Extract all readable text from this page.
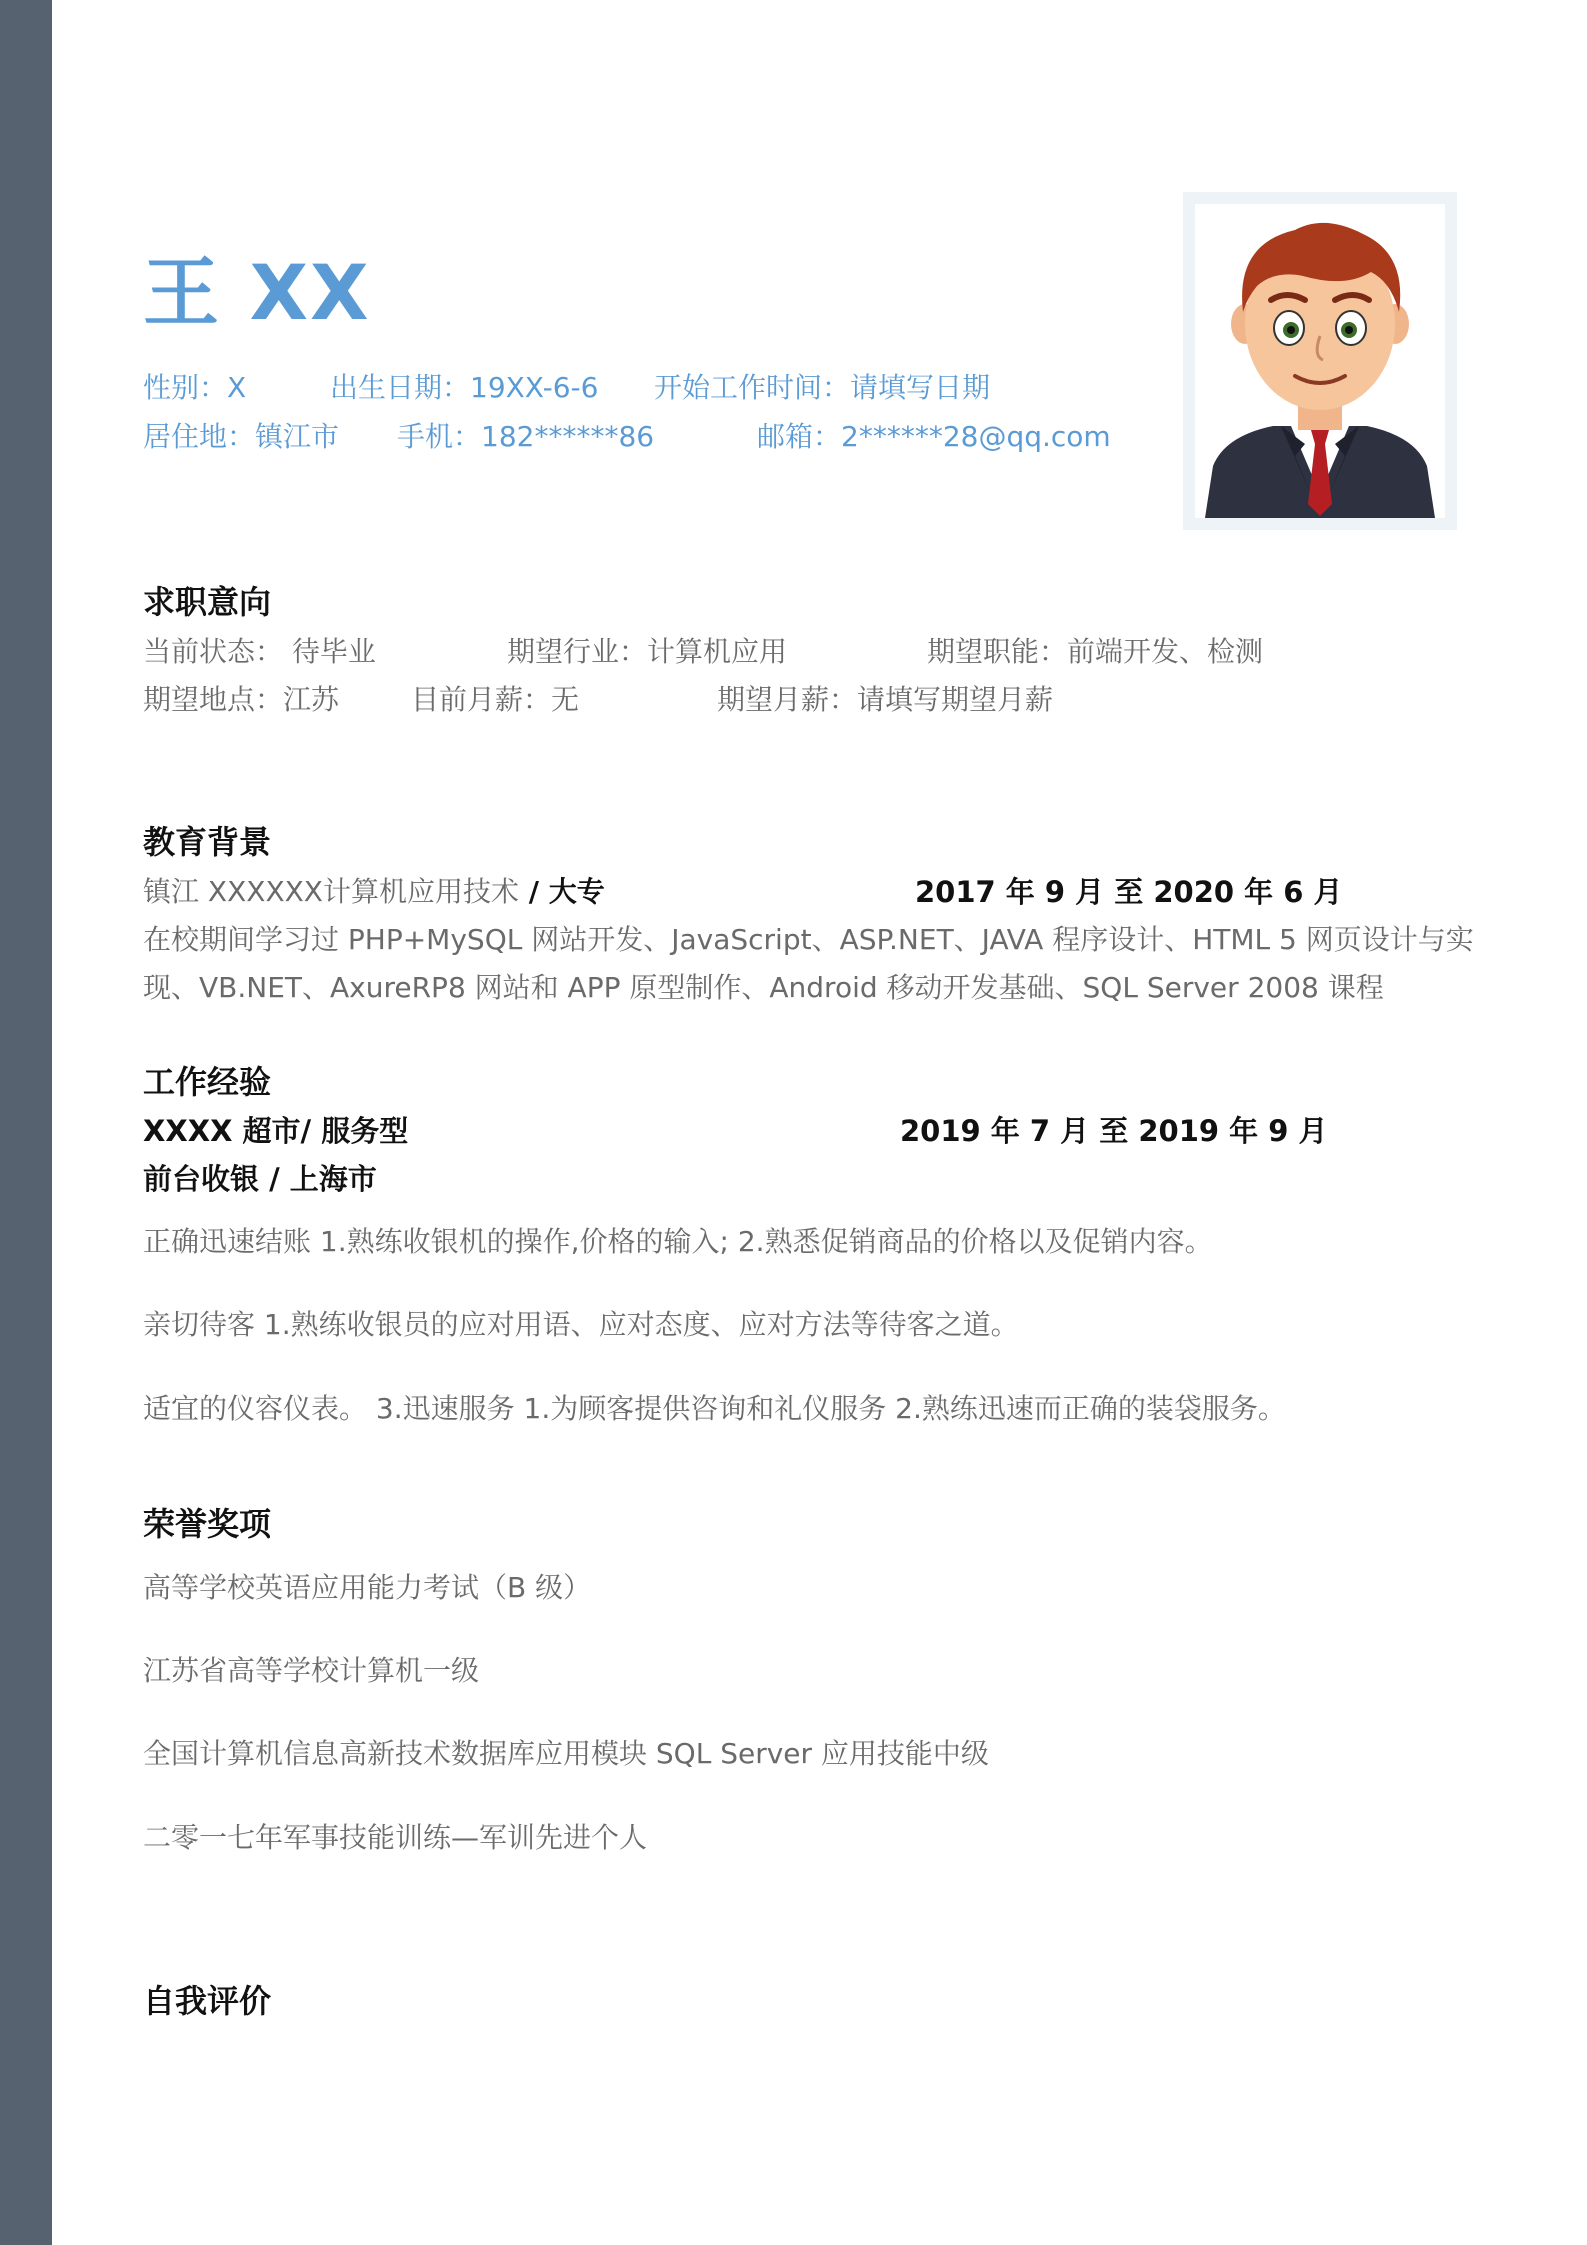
王 XX
性别：X	出生日期：19XX-6-6 开始工作时间：请填写日期
居住地：镇江市 手机：182******86	邮箱：2******28@qq.com
求职意向
当前状态： 待毕业	期望行业：计算机应用	期望职能：前端开发、检测
期望地点：江苏	目前月薪：无	期望月薪：请填写期望月薪
教育背景
镇江 XXXXXX计算机应用技术 / 大专	2017 年 9 月 至 2020 年 6 月
在校期间学习过 PHP+MySQL 网站开发、JavaScript、ASP.NET、JAVA 程序设计、HTML 5 网页设计与实
现、VB.NET、AxureRP8 网站和 APP 原型制作、Android 移动开发基础、SQL Server 2008 课程
工作经验
XXXX 超市/ 服务型	2019 年 7 月 至 2019 年 9 月
前台收银 / 上海市
正确迅速结账 1.熟练收银机的操作,价格的输入; 2.熟悉促销商品的价格以及促销内容。
亲切待客 1.熟练收银员的应对用语、应对态度、应对方法等待客之道。
适宜的仪容仪表。 3.迅速服务 1.为顾客提供咨询和礼仪服务 2.熟练迅速而正确的装袋服务。
荣誉奖项
高等学校英语应用能力考试（B 级）
江苏省高等学校计算机一级
全国计算机信息高新技术数据库应用模块 SQL Server 应用技能中级
二零一七年军事技能训练—军训先进个人
自我评价
